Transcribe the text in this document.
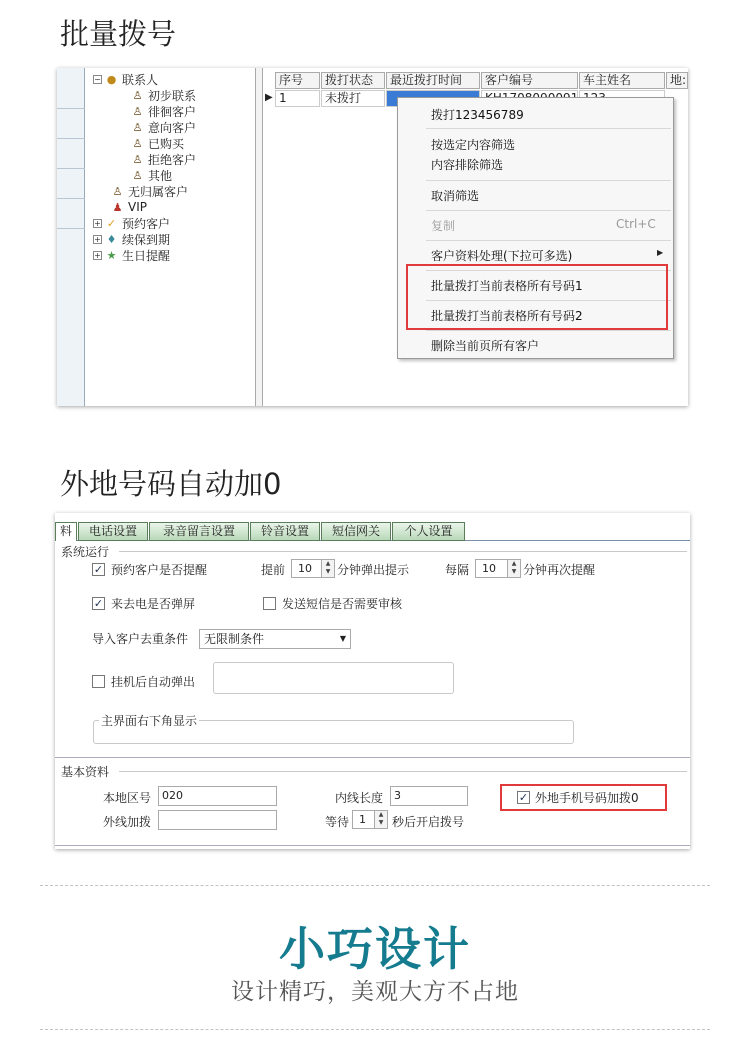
批量拨号
− ● 联系人
♙ 初步联系
♙ 徘徊客户
♙ 意向客户
♙ 已购买
♙ 拒绝客户
♙ 其他
♙ 无归属客户
♟ VIP
+ ✓ 预约客户
+ ♦ 续保到期
+ ★ 生日提醒
序号	拨打状态	最近拨打时间	客户编号	车主姓名	地:
▶ 1	未拨打
拨打123456789
按选定内容筛选
内容排除筛选
取消筛选
复制	Ctrl+C
客户资料处理(下拉可多选)	▶
批量拨打当前表格所有号码1
批量拨打当前表格所有号码2
删除当前页所有客户
外地号码自动加0
料	电话设置	录音留言设置	铃音设置	短信网关	个人设置
系统运行
✓ 预约客户是否提醒	提前	10	▲
▼ 分钟弹出提示	每隔	10	▲
▼ 分钟再次提醒
✓ 来去电是否弹屏	发送短信是否需要审核
导入客户去重条件	无限制条件	▼
挂机后自动弹出
主界面右下角显示
基本资料
本地区号 020	内线长度 3	✓ 外地手机号码加拨0
外线加拨	等待 1	▲
▼ 秒后开启拨号
小巧设计
设计精巧，美观大方不占地
